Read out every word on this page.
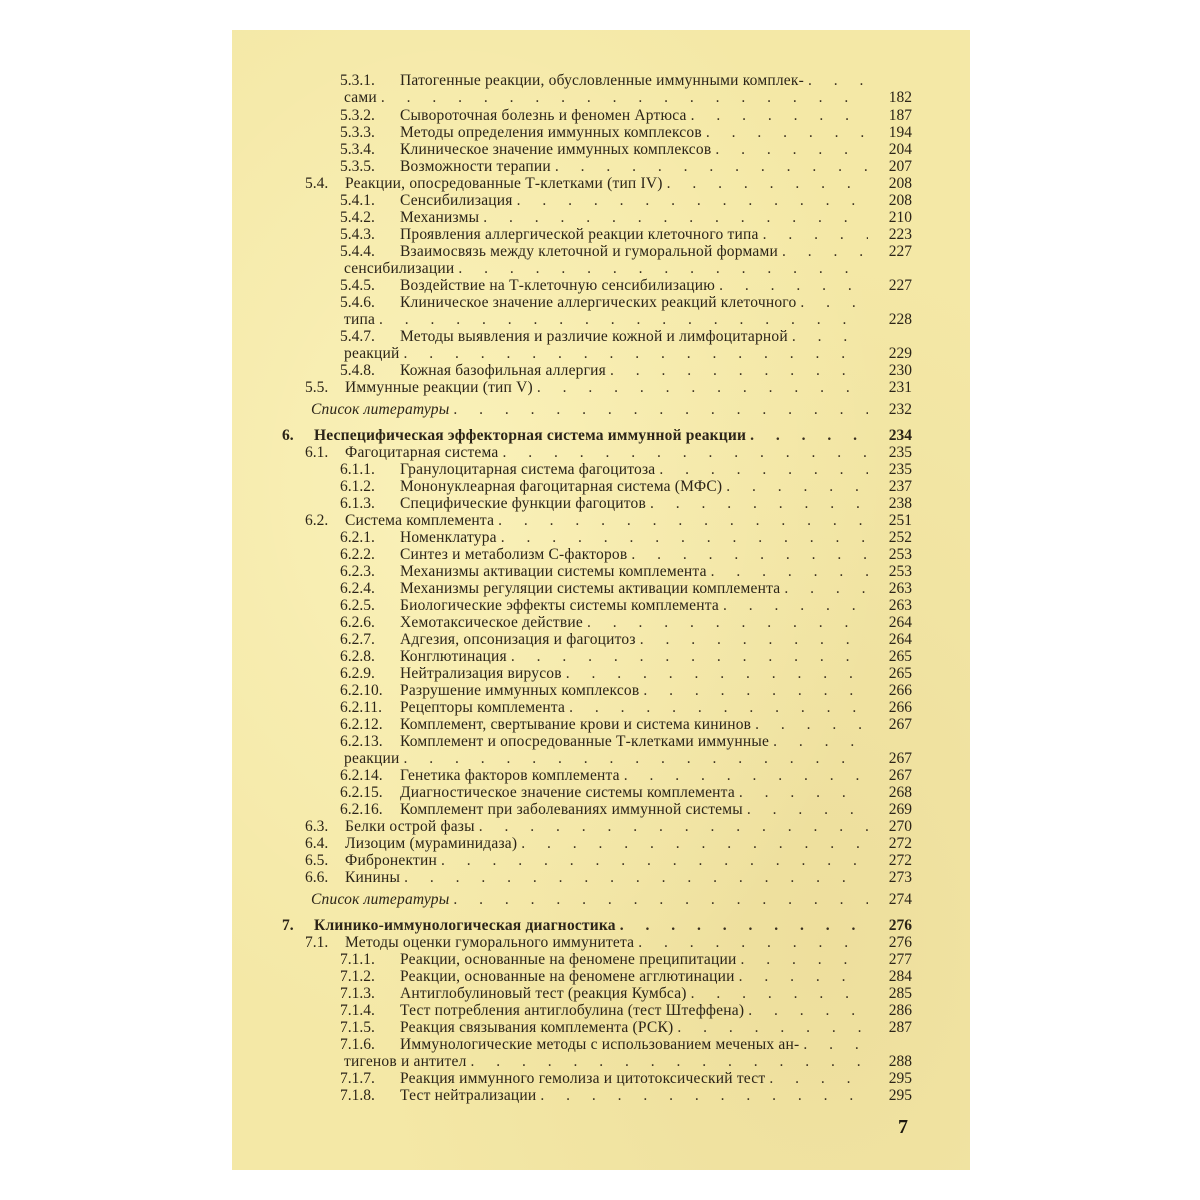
5.3.1.	Патогенные реакции, обусловленные иммунными комплек-
. . .
сами . . .	182
5.3.2.	Сывороточная болезнь и феномен Артюса . . .	187
5.3.3.	Методы определения иммунных комплексов . . .	194
5.3.4.	Клиническое значение иммунных комплексов . . .	204
5.3.5.	Возможности терапии . . .	207
5.4.	Реакции, опосредованные Т-клетками (тип IV) . . .	208
5.4.1.	Сенсибилизация . . .	208
5.4.2.	Механизмы . . .	210
5.4.3.	Проявления аллергической реакции клеточного типа . . .	223
5.4.4.	Взаимосвязь между клеточной и гуморальной формами . . .	227
сенсибилизации
. . .
5.4.5.	Воздействие на Т-клеточную сенсибилизацию . . .	227
5.4.6.	Клиническое значение аллергических реакций клеточного
. . .
типа . . .	228
5.4.7.	Методы выявления и различие кожной и лимфоцитарной
. . .
реакций . . .	229
5.4.8.	Кожная базофильная аллергия . . .	230
5.5.	Иммунные реакции (тип V) . . .	231
Список литературы . . .	232
6.	Неспецифическая эффекторная система иммунной реакции . . .	234
6.1.	Фагоцитарная система . . .	235
6.1.1.	Гранулоцитарная система фагоцитоза . . .	235
6.1.2.	Мононуклеарная фагоцитарная система (МФС) . . .	237
6.1.3.	Специфические функции фагоцитов . . .	238
6.2.	Система комплемента . . .	251
6.2.1.	Номенклатура . . .	252
6.2.2.	Синтез и метаболизм С-факторов . . .	253
6.2.3.	Механизмы активации системы комплемента . . .	253
6.2.4.	Механизмы регуляции системы активации комплемента . . .	263
6.2.5.	Биологические эффекты системы комплемента . . .	263
6.2.6.	Хемотаксическое действие . . .	264
6.2.7.	Адгезия, опсонизация и фагоцитоз . . .	264
6.2.8.	Конглютинация . . .	265
6.2.9.	Нейтрализация вирусов . . .	265
6.2.10.	Разрушение иммунных комплексов . . .	266
6.2.11.	Рецепторы комплемента . . .	266
6.2.12.	Комплемент, свертывание крови и система кининов . . .	267
6.2.13.	Комплемент и опосредованные Т-клетками иммунные
. . .
реакции . . .	267
6.2.14.	Генетика факторов комплемента . . .	267
6.2.15.	Диагностическое значение системы комплемента . . .	268
6.2.16.	Комплемент при заболеваниях иммунной системы . . .	269
6.3.	Белки острой фазы . . .	270
6.4.	Лизоцим (мураминидаза) . . .	272
6.5.	Фибронектин . . .	272
6.6.	Кинины . . .	273
Список литературы . . .	274
7.	Клинико-иммунологическая диагностика . . .	276
7.1.	Методы оценки гуморального иммунитета . . .	276
7.1.1.	Реакции, основанные на феномене преципитации . . .	277
7.1.2.	Реакции, основанные на феномене агглютинации . . .	284
7.1.3.	Антиглобулиновый тест (реакция Кумбса) . . .	285
7.1.4.	Тест потребления антиглобулина (тест Штеффена) . . .	286
7.1.5.	Реакция связывания комплемента (РСК) . . .	287
7.1.6.	Иммунологические методы с использованием меченых ан-
. . .
тигенов и антител . . .	288
7.1.7.	Реакция иммунного гемолиза и цитотоксический тест . . .	295
7.1.8.	Тест нейтрализации . . .	295
7
